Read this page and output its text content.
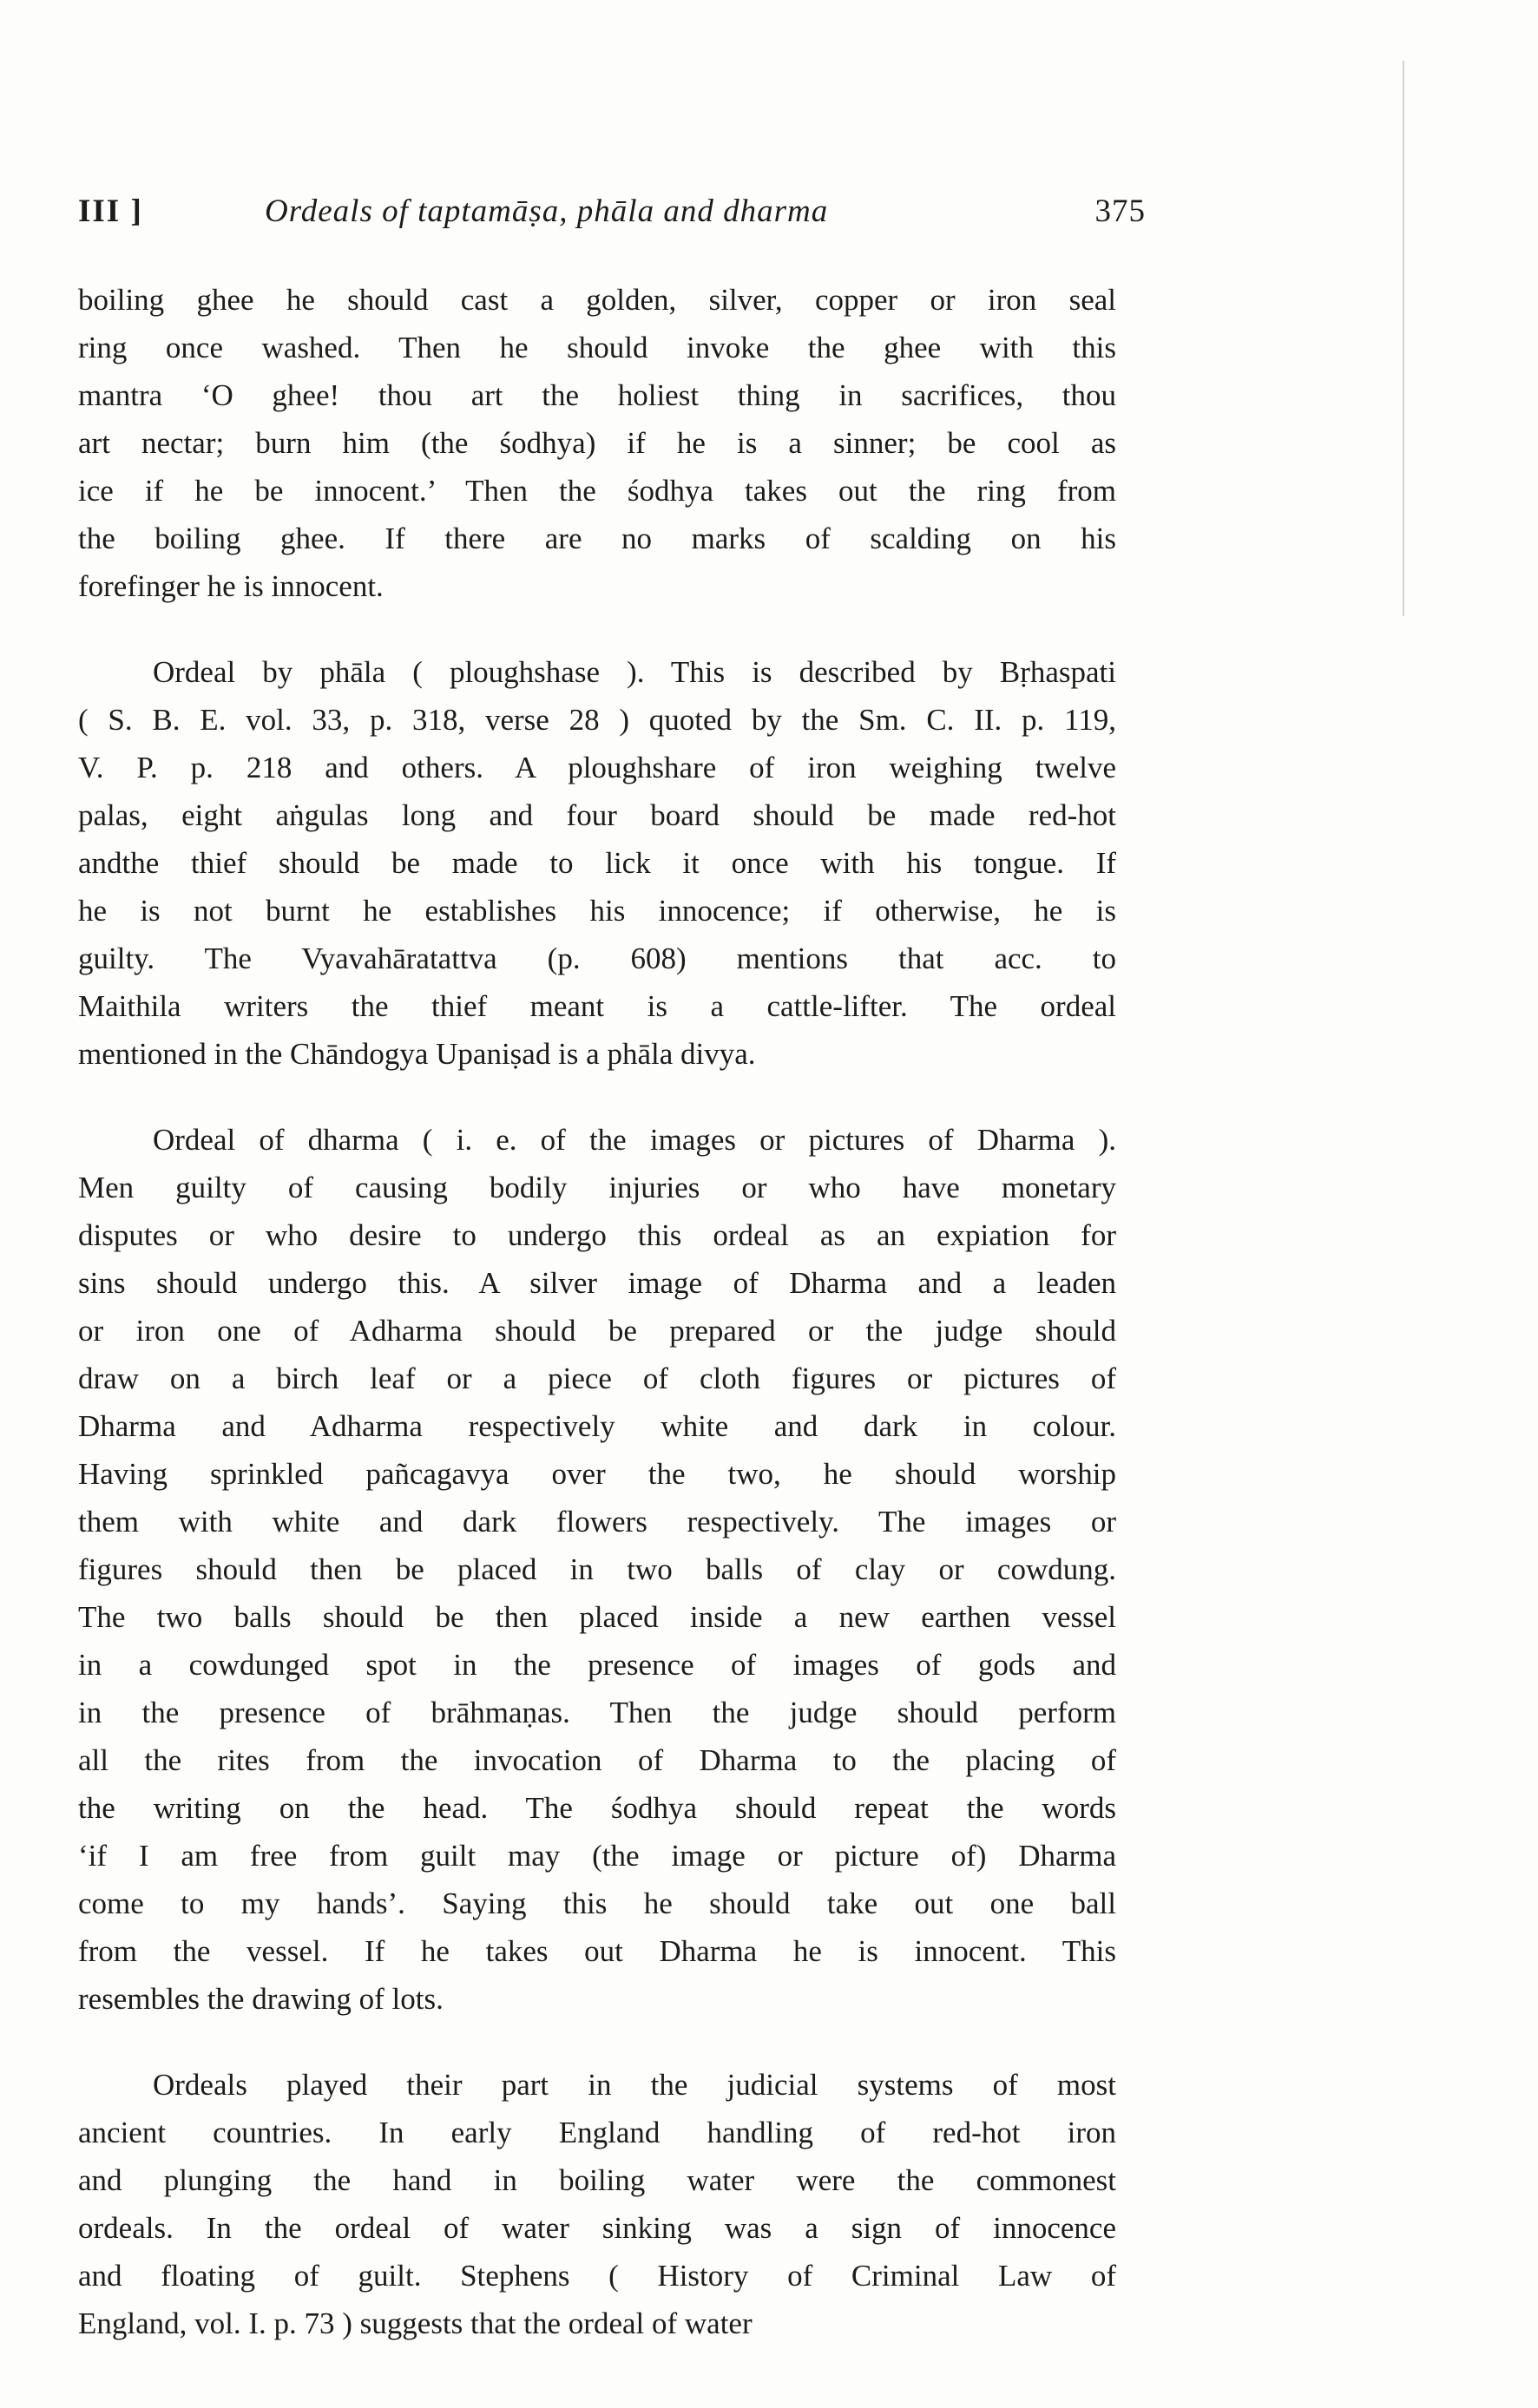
III ]	Ordeals of taptamāṣa, phāla and dharma	375
boiling ghee he should cast a golden, silver, copper or iron seal
ring once washed. Then he should invoke the ghee with this
mantra ‘O ghee! thou art the holiest thing in sacrifices, thou
art nectar; burn him (the śodhya) if he is a sinner; be cool as
ice if he be innocent.’ Then the śodhya takes out the ring from
the boiling ghee. If there are no marks of scalding on his
forefinger he is innocent.
Ordeal by phāla ( ploughshase ). This is described by Bṛhaspati
( S. B. E. vol. 33, p. 318, verse 28 ) quoted by the Sm. C. II. p. 119,
V. P. p. 218 and others. A ploughshare of iron weighing twelve
palas, eight aṅgulas long and four board should be made red-hot
andthe thief should be made to lick it once with his tongue. If
he is not burnt he establishes his innocence; if otherwise, he is
guilty. The Vyavahāratattva (p. 608) mentions that acc. to
Maithila writers the thief meant is a cattle-lifter. The ordeal
mentioned in the Chāndogya Upaniṣad is a phāla divya.
Ordeal of dharma ( i. e. of the images or pictures of Dharma ).
Men guilty of causing bodily injuries or who have monetary
disputes or who desire to undergo this ordeal as an expiation for
sins should undergo this. A silver image of Dharma and a leaden
or iron one of Adharma should be prepared or the judge should
draw on a birch leaf or a piece of cloth figures or pictures of
Dharma and Adharma respectively white and dark in colour.
Having sprinkled pañcagavya over the two, he should worship
them with white and dark flowers respectively. The images or
figures should then be placed in two balls of clay or cowdung.
The two balls should be then placed inside a new earthen vessel
in a cowdunged spot in the presence of images of gods and
in the presence of brāhmaṇas. Then the judge should perform
all the rites from the invocation of Dharma to the placing of
the writing on the head. The śodhya should repeat the words
‘if I am free from guilt may (the image or picture of) Dharma
come to my hands’. Saying this he should take out one ball
from the vessel. If he takes out Dharma he is innocent. This
resembles the drawing of lots.
Ordeals played their part in the judicial systems of most
ancient countries. In early England handling of red-hot iron
and plunging the hand in boiling water were the commonest
ordeals. In the ordeal of water sinking was a sign of innocence
and floating of guilt. Stephens ( History of Criminal Law of
England, vol. I. p. 73 ) suggests that the ordeal of water
